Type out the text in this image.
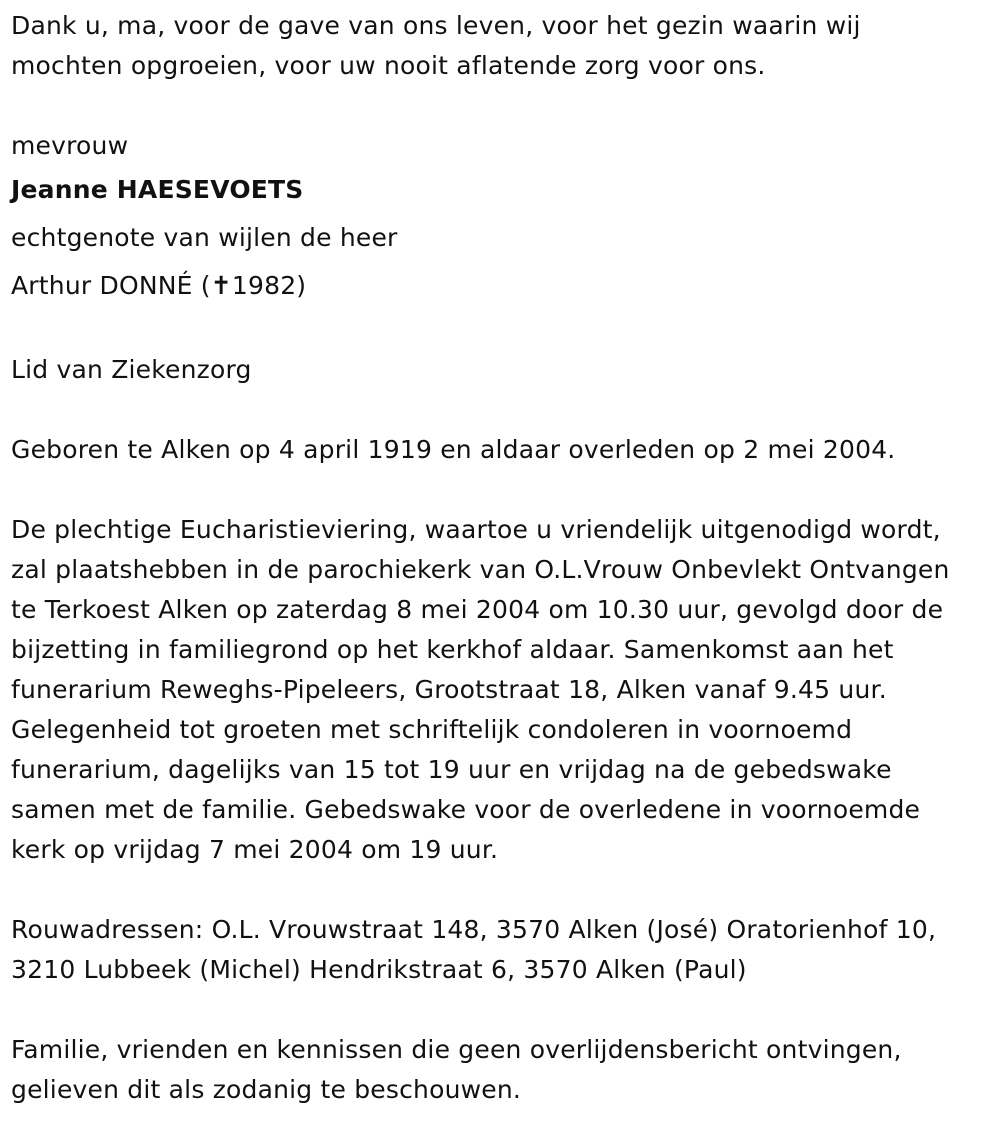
Dank u, ma, voor de gave van ons leven, voor het gezin waarin wij
mochten opgroeien, voor uw nooit aflatende zorg voor ons.
mevrouw
Jeanne HAESEVOETS
echtgenote van wijlen de heer
Arthur DONNÉ (✝1982)
Lid van Ziekenzorg
Geboren te Alken op 4 april 1919 en aldaar overleden op 2 mei 2004.
De plechtige Eucharistieviering, waartoe u vriendelijk uitgenodigd wordt,
zal plaatshebben in de parochiekerk van O.L.Vrouw Onbevlekt Ontvangen
te Terkoest Alken op zaterdag 8 mei 2004 om 10.30 uur, gevolgd door de
bijzetting in familiegrond op het kerkhof aldaar. Samenkomst aan het
funerarium Reweghs-Pipeleers, Grootstraat 18, Alken vanaf 9.45 uur.
Gelegenheid tot groeten met schriftelijk condoleren in voornoemd
funerarium, dagelijks van 15 tot 19 uur en vrijdag na de gebedswake
samen met de familie. Gebedswake voor de overledene in voornoemde
kerk op vrijdag 7 mei 2004 om 19 uur.
Rouwadressen: O.L. Vrouwstraat 148, 3570 Alken (José) Oratorienhof 10,
3210 Lubbeek (Michel) Hendrikstraat 6, 3570 Alken (Paul)
Familie, vrienden en kennissen die geen overlijdensbericht ontvingen,
gelieven dit als zodanig te beschouwen.
